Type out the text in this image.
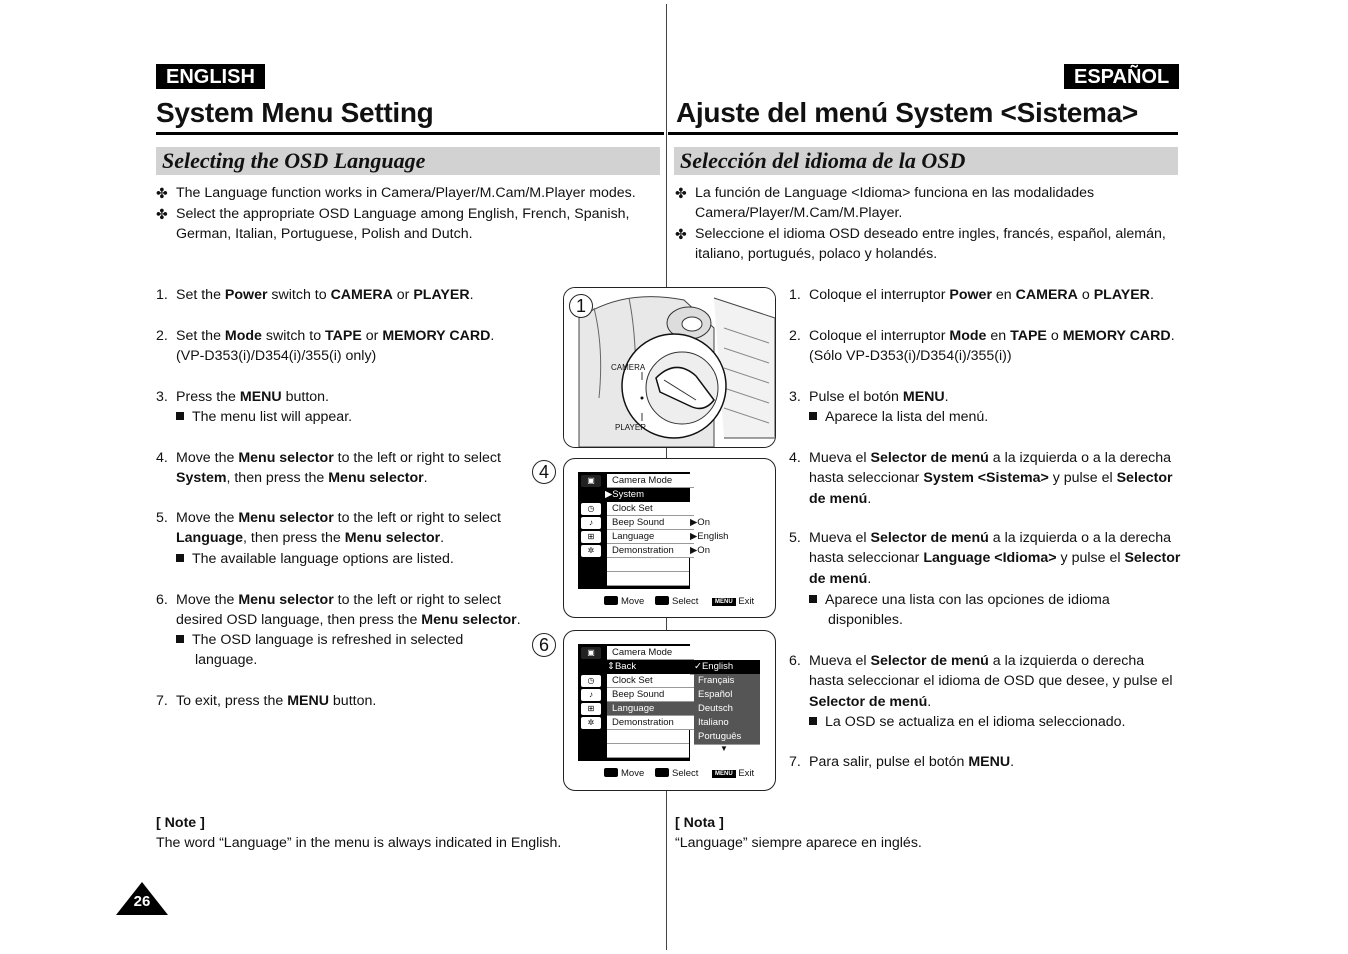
ENGLISH	ESPAÑOL
System Menu Setting	Ajuste del menú System <Sistema>
Selecting the OSD Language	Selección del idioma de la OSD
✤ The Language function works in Camera/Player/M.Cam/M.Player modes.
✤ Select the appropriate OSD Language among English, French, Spanish, German, Italian, Portuguese, Polish and Dutch.
✤ La función de Language <Idioma> funciona en las modalidades Camera/Player/M.Cam/M.Player.
✤ Seleccione el idioma OSD deseado entre ingles, francés, español, alemán, italiano, portugués, polaco y holandés.
1. Set the Power switch to CAMERA or PLAYER.
2. Set the Mode switch to TAPE or MEMORY CARD.
(VP-D353(i)/D354(i)/355(i) only)
3. Press the MENU button.
The menu list will appear.
4. Move the Menu selector to the left or right to select System, then press the Menu selector.
5. Move the Menu selector to the left or right to select Language, then press the Menu selector.
The available language options are listed.
6. Move the Menu selector to the left or right to select desired OSD language, then press the Menu selector.
The OSD language is refreshed in selected language.
7. To exit, press the MENU button.
1. Coloque el interruptor Power en CAMERA o PLAYER.
2. Coloque el interruptor Mode en TAPE o MEMORY CARD.
(Sólo VP-D353(i)/D354(i)/355(i))
3. Pulse el botón MENU.
Aparece la lista del menú.
4. Mueva el Selector de menú a la izquierda o a la derecha hasta seleccionar System <Sistema> y pulse el Selector de menú.
5. Mueva el Selector de menú a la izquierda o a la derecha hasta seleccionar Language <Idioma> y pulse el Selector de menú.
Aparece una lista con las opciones de idioma disponibles.
6. Mueva el Selector de menú a la izquierda o derecha hasta seleccionar el idioma de OSD que desee, y pulse el Selector de menú.
La OSD se actualiza en el idioma seleccionado.
7. Para salir, pulse el botón MENU.
CAMERA
PLAYER
1
▣	Camera Mode
▶System
◷	Clock Set
♪	Beep Sound
⊞	Language
✲	Demonstration
▶On
▶English
▶On
Move	Select	MENU Exit
4
▣	Camera Mode
⇕Back
◷	Clock Set
♪	Beep Sound
⊞	Language
✲	Demonstration
✓English
Français
Español
Deutsch
Italiano
Português
▼
Move	Select	MENU Exit
6
[ Note ]
The word “Language” in the menu is always indicated in English.
[ Nota ]
“Language” siempre aparece en inglés.
26
